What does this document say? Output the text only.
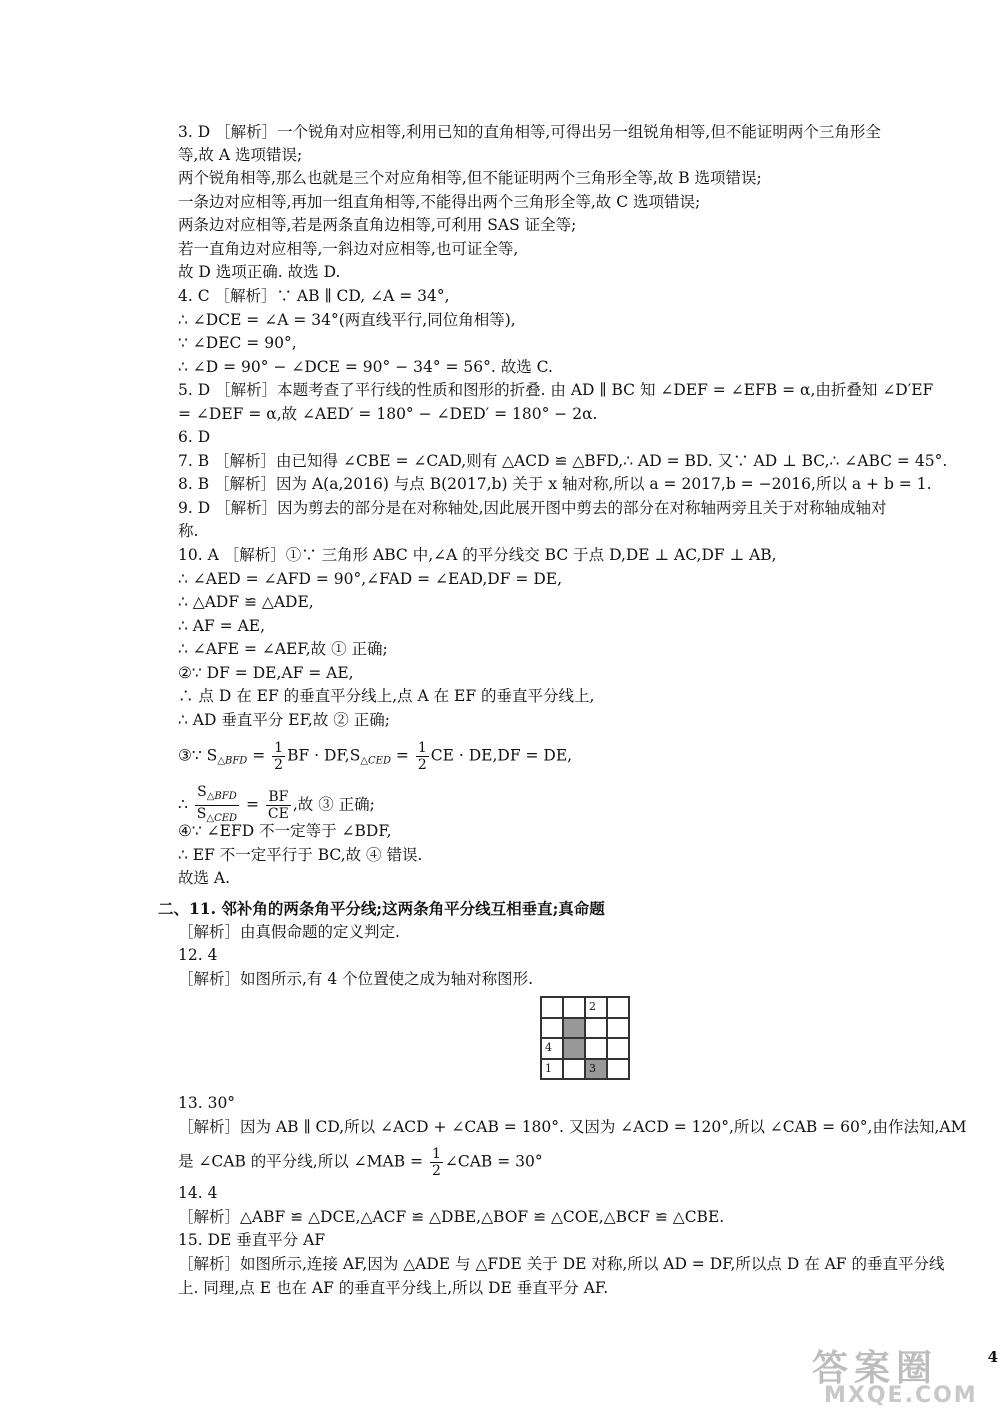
3. D ［解析］一个锐角对应相等,利用已知的直角相等,可得出另一组锐角相等,但不能证明两个三角形全
等,故 A 选项错误;
两个锐角相等,那么也就是三个对应角相等,但不能证明两个三角形全等,故 B 选项错误;
一条边对应相等,再加一组直角相等,不能得出两个三角形全等,故 C 选项错误;
两条边对应相等,若是两条直角边相等,可利用 SAS 证全等;
若一直角边对应相等,一斜边对应相等,也可证全等,
故 D 选项正确. 故选 D.
4. C ［解析］∵ AB ∥ CD, ∠A = 34°,
∴ ∠DCE = ∠A = 34°(两直线平行,同位角相等),
∵ ∠DEC = 90°,
∴ ∠D = 90° − ∠DCE = 90° − 34° = 56°. 故选 C.
5. D ［解析］本题考查了平行线的性质和图形的折叠. 由 AD ∥ BC 知 ∠DEF = ∠EFB = α,由折叠知 ∠D′EF
= ∠DEF = α,故 ∠AED′ = 180° − ∠DED′ = 180° − 2α.
6. D
7. B ［解析］由已知得 ∠CBE = ∠CAD,则有 △ACD ≌ △BFD,∴ AD = BD. 又∵ AD ⊥ BC,∴ ∠ABC = 45°.
8. B ［解析］因为 A(a,2016) 与点 B(2017,b) 关于 x 轴对称,所以 a = 2017,b = −2016,所以 a + b = 1.
9. D ［解析］因为剪去的部分是在对称轴处,因此展开图中剪去的部分在对称轴两旁且关于对称轴成轴对
称.
10. A ［解析］①∵ 三角形 ABC 中,∠A 的平分线交 BC 于点 D,DE ⊥ AC,DF ⊥ AB,
∴ ∠AED = ∠AFD = 90°,∠FAD = ∠EAD,DF = DE,
∴ △ADF ≌ △ADE,
∴ AF = AE,
∴ ∠AFE = ∠AEF,故 ① 正确;
②∵ DF = DE,AF = AE,
∴ 点 D 在 EF 的垂直平分线上,点 A 在 EF 的垂直平分线上,
∴ AD 垂直平分 EF,故 ② 正确;
④∵ ∠EFD 不一定等于 ∠BDF,
∴ EF 不一定平行于 BC,故 ④ 错误.
故选 A.
［解析］由真假命题的定义判定.
12. 4
［解析］如图所示,有 4 个位置使之成为轴对称图形.
13. 30°
［解析］因为 AB ∥ CD,所以 ∠ACD + ∠CAB = 180°. 又因为 ∠ACD = 120°,所以 ∠CAB = 60°,由作法知,AM
14. 4
［解析］△ABF ≌ △DCE,△ACF ≌ △DBE,△BOF ≌ △COE,△BCF ≌ △CBE.
15. DE 垂直平分 AF
［解析］如图所示,连接 AF,因为 △ADE 与 △FDE 关于 DE 对称,所以 AD = DF,所以点 D 在 AF 的垂直平分线
上. 同理,点 E 也在 AF 的垂直平分线上,所以 DE 垂直平分 AF.
二、11. 邻补角的两条角平分线;这两条角平分线互相垂直;真命题
③∵ $S_{\triangle BFD} = \frac{1}{2}$ BF · $DF,S_{\triangle CED} = \frac{1}{2}$ CE · DE,DF = DE,
∴ $\frac{S_{\triangle BFD}}{S_{\triangle CED}} = \frac{BF}{CE}$ ,故 ③ 正确;
2
4
1	3
是 ∠CAB 的平分线,所以 ∠MAB = $\frac{1}{2}$ ∠CAB = 30°
答案圈
MXQE.COM
4
